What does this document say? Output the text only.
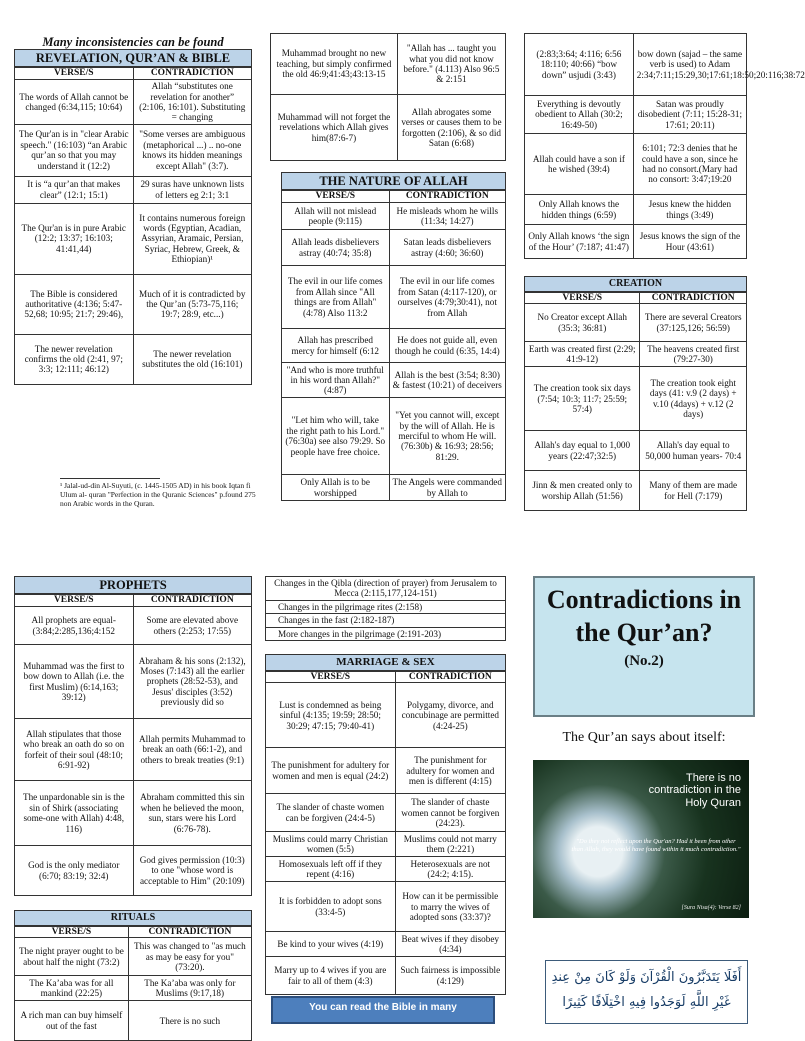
Many inconsistencies can be found
REVELATION, QUR’AN & BIBLE
VERSE/S	CONTRADICTION
The words of Allah cannot be changed (6:34,115; 10:64)	Allah “substitutes one revelation for another” (2:106, 16:101). Substituting = changing
The Qur'an is in "clear Arabic speech." (16:103) “an Arabic qur’an so that you may understand it (12:2)	"Some verses are ambiguous (metaphorical ...) .. no-one knows its hidden meanings except Allah" (3:7).
It is “a qur’an that makes clear” (12:1; 15:1)	29 suras have unknown lists of letters eg 2:1; 3:1
The Qur'an is in pure Arabic (12:2; 13:37; 16:103; 41:41,44)	It contains numerous foreign words (Egyptian, Acadian, Assyrian, Aramaic, Persian, Syriac, Hebrew, Greek, & Ethiopian)¹
The Bible is considered authoritative (4:136; 5:47-52,68; 10:95; 21:7; 29:46),	Much of it is contradicted by the Qur’an (5:73-75,116; 19:7; 28:9, etc...)
The newer revelation confirms the old (2:41, 97; 3:3; 12:111; 46:12)	The newer revelation substitutes the old (16:101)
¹ Jalal-ud-din Al-Suyuti, (c. 1445-1505 AD) in his book Iqtan fi Ulum al- quran "Perfection in the Quranic Sciences" p.found 275 non Arabic words in the Quran.
Muhammad brought no new teaching, but simply confirmed the old 46:9;41:43;43:13-15	"Allah has ... taught you what you did not know before." (4.113) Also 96:5 & 2:151
Muhammad will not forget the revelations which Allah gives him(87:6-7)	Allah abrogates some verses or causes them to be forgotten (2:106), & so did Satan (6:68)
THE NATURE OF ALLAH
VERSE/S	CONTRADICTION
Allah will not mislead people (9:115)	He misleads whom he wills (11:34; 14:27)
Allah leads disbelievers astray (40:74; 35:8)	Satan leads disbelievers astray (4:60; 36:60)
The evil in our life comes from Allah since "All things are from Allah" (4:78) Also 113:2	The evil in our life comes from Satan (4:117-120), or ourselves (4:79;30:41), not from Allah
Allah has prescribed mercy for himself (6:12	He does not guide all, even though he could (6:35, 14:4)
"And who is more truthful in his word than Allah?" (4:87)	Allah is the best (3:54; 8:30) & fastest (10:21) of deceivers
"Let him who will, take the right path to his Lord." (76:30a) see also 79:29. So people have free choice.	"Yet you cannot will, except by the will of Allah. He is merciful to whom He will. (76:30b) & 16:93; 28:56; 81:29.
Only Allah is to be worshipped	The Angels were commanded by Allah to
(2:83;3:64; 4:116; 6:56 18:110; 40:66) “bow down” usjudi (3:43)	bow down (sajad – the same verb is used) to Adam 2:34;7:11;15:29,30;17:61;18:50;20:116;38:72
Everything is devoutly obedient to Allah (30:2; 16:49-50)	Satan was proudly disobedient (7:11; 15:28-31; 17:61; 20:11)
Allah could have a son if he wished (39:4)	6:101; 72:3 denies that he could have a son, since he had no consort.(Mary had no consort: 3:47;19:20
Only Allah knows the hidden things (6:59)	Jesus knew the hidden things (3:49)
Only Allah knows ‘the sign of the Hour’ (7:187; 41:47)	Jesus knows the sign of the Hour (43:61)
CREATION
VERSE/S	CONTRADICTION
No Creator except Allah (35:3; 36:81)	There are several Creators (37:125,126; 56:59)
Earth was created first (2:29; 41:9-12)	The heavens created first (79:27-30)
The creation took six days (7:54; 10:3; 11:7; 25:59; 57:4)	The creation took eight days (41: v.9 (2 days) + v.10 (4days) + v.12 (2 days)
Allah's day equal to 1,000 years (22:47;32:5)	Allah's day equal to 50,000 human years- 70:4
Jinn & men created only to worship Allah (51:56)	Many of them are made for Hell (7:179)
PROPHETS
VERSE/S	CONTRADICTION
All prophets are equal- (3:84;2:285,136;4:152	Some are elevated above others (2:253; 17:55)
Muhammad was the first to bow down to Allah (i.e. the first Muslim) (6:14,163; 39:12)	Abraham & his sons (2:132), Moses (7:143) all the earlier prophets (28:52-53), and Jesus' disciples (3:52) previously did so
Allah stipulates that those who break an oath do so on forfeit of their soul (48:10; 6:91-92)	Allah permits Muhammad to break an oath (66:1-2), and others to break treaties (9:1)
The unpardonable sin is the sin of Shirk (associating some-one with Allah) 4:48, 116)	Abraham committed this sin when he believed the moon, sun, stars were his Lord (6:76-78).
God is the only mediator (6:70; 83:19; 32:4)	God gives permission (10:3) to one "whose word is acceptable to Him" (20:109)
RITUALS
VERSE/S	CONTRADICTION
The night prayer ought to be about half the night (73:2)	This was changed to "as much as may be easy for you" (73:20).
The Ka’aba was for all mankind (22:25)	The Ka’aba was only for Muslims (9:17,18)
A rich man can buy himself out of the fast	There is no such
Changes in the Qibla (direction of prayer) from Jerusalem to Mecca (2:115,177,124-151)
Changes in the pilgrimage rites (2:158)
Changes in the fast (2:182-187)
More changes in the pilgrimage (2:191-203)
MARRIAGE & SEX
VERSE/S	CONTRADICTION
Lust is condemned as being sinful (4:135; 19:59; 28:50; 30:29; 47:15; 79:40-41)	Polygamy, divorce, and concubinage are permitted (4:24-25)
The punishment for adultery for women and men is equal (24:2)	The punishment for adultery for women and men is different (4:15)
The slander of chaste women can be forgiven (24:4-5)	The slander of chaste women cannot be forgiven (24:23).
Muslims could marry Christian women (5:5)	Muslims could not marry them (2:221)
Homosexuals left off if they repent (4:16)	Heterosexuals are not (24:2; 4:15).
It is forbidden to adopt sons (33:4-5)	How can it be permissible to marry the wives of adopted sons (33:37)?
Be kind to your wives (4:19)	Beat wives if they disobey (4:34)
Marry up to 4 wives if you are fair to all of them (4:3)	Such fairness is impossible (4:129)
You can read the Bible in many
Contradictions in the Qur’an?
(No.2)
The Qur’an says about itself:
There is no contradiction in the Holy Quran
"Do they not reflect upon the Qur'an? Had it been from other than Allah, they would have found within it much contradiction."
[Sura Nisa(4): Verse 82]
أَفَلَا يَتَدَبَّرُونَ الْقُرْآنَ وَلَوْ كَانَ مِنْ عِندِ غَيْرِ اللَّهِ لَوَجَدُوا فِيهِ اخْتِلَافًا كَثِيرًا
